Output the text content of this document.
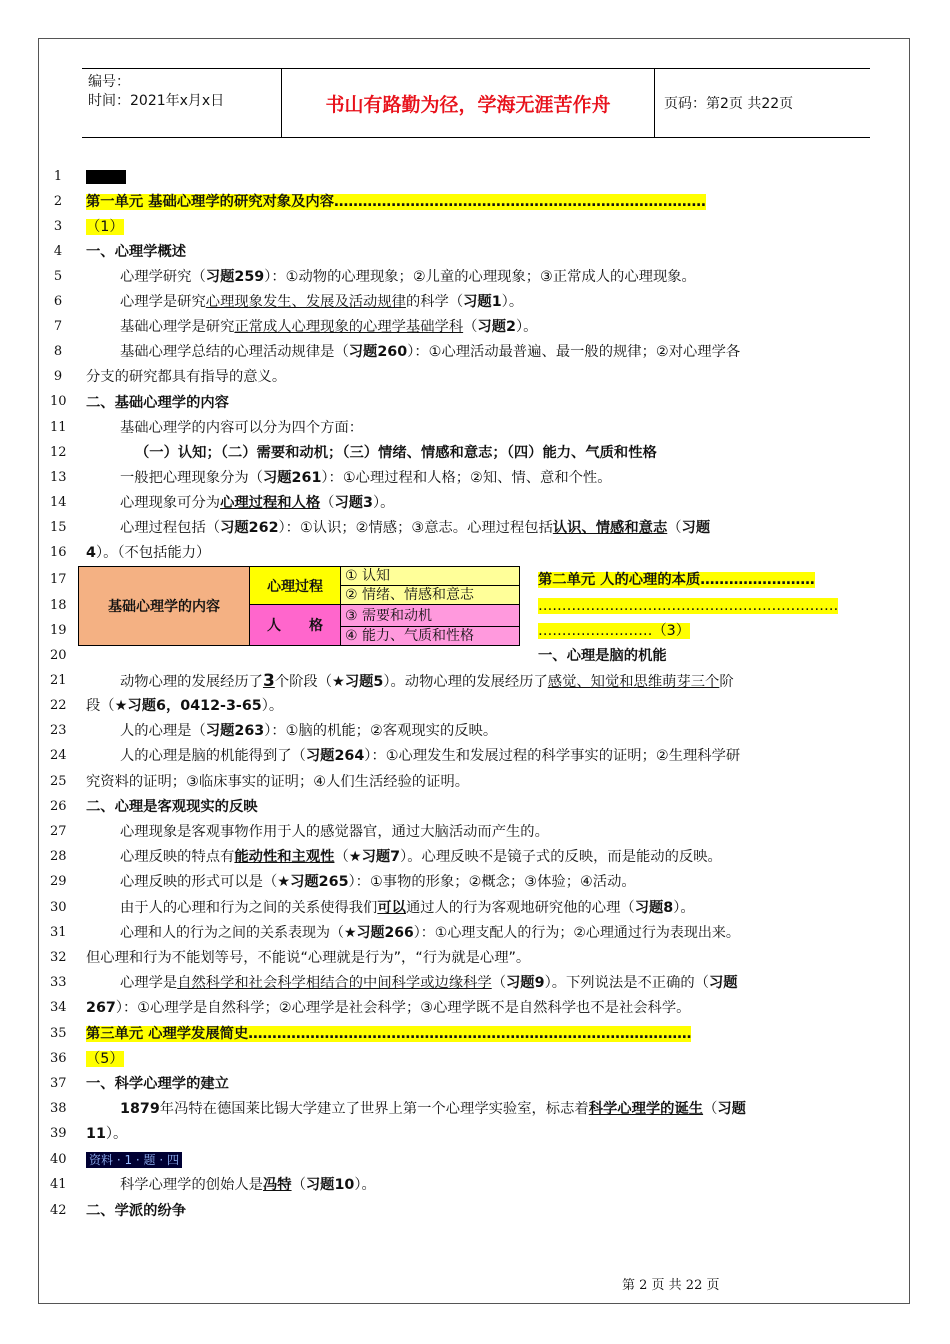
编号：
时间：2021年x月x日	书山有路勤为径，学海无涯苦作舟	页码：第2页 共22页
1
2
3
4
5
6
7
8
9
10
11
12
13
14
15
16
17
18
19
20
21
22
23
24
25
26
27
28
29
30
31
32
33
34
35
36
37
38
39
40
41
42
第一单元 基础心理学的研究对象及内容……………………………………………………………………
（1）
一、心理学概述
心理学研究（习题259）：①动物的心理现象；②儿童的心理现象；③正常成人的心理现象。
心理学是研究心理现象发生、发展及活动规律的科学（习题1）。
基础心理学是研究正常成人心理现象的心理学基础学科（习题2）。
基础心理学总结的心理活动规律是（习题260）：①心理活动最普遍、最一般的规律；②对心理学各
分支的研究都具有指导的意义。
二、基础心理学的内容
基础心理学的内容可以分为四个方面：
（一）认知；（二）需要和动机；（三）情绪、情感和意志；（四）能力、气质和性格
一般把心理现象分为（习题261）：①心理过程和人格；②知、情、意和个性。
心理现象可分为心理过程和人格（习题3）。
心理过程包括（习题262）：①认识；②情感；③意志。心理过程包括认识、情感和意志（习题
4）。（不包括能力）
基础心理学的内容	心理过程	① 认知
		② 情绪、情感和意志
	人　　格	③ 需要和动机
		④ 能力、气质和性格
第二单元 人的心理的本质……………………
………………………………………………………
……………………（3）
一、心理是脑的机能
动物心理的发展经历了3个阶段（★习题5）。动物心理的发展经历了感觉、知觉和思维萌芽三个阶
段（★习题6，0412-3-65）。
人的心理是（习题263）：①脑的机能；②客观现实的反映。
人的心理是脑的机能得到了（习题264）：①心理发生和发展过程的科学事实的证明；②生理科学研
究资料的证明；③临床事实的证明；④人们生活经验的证明。
二、心理是客观现实的反映
心理现象是客观事物作用于人的感觉器官，通过大脑活动而产生的。
心理反映的特点有能动性和主观性（★习题7）。心理反映不是镜子式的反映，而是能动的反映。
心理反映的形式可以是（★习题265）：①事物的形象；②概念；③体验；④活动。
由于人的心理和行为之间的关系使得我们可以通过人的行为客观地研究他的心理（习题8）。
心理和人的行为之间的关系表现为（★习题266）：①心理支配人的行为；②心理通过行为表现出来。
但心理和行为不能划等号，不能说“心理就是行为”，“行为就是心理”。
心理学是自然科学和社会科学相结合的中间科学或边缘科学（习题9）。下列说法是不正确的（习题
267）：①心理学是自然科学；②心理学是社会科学；③心理学既不是自然科学也不是社会科学。
第三单元 心理学发展简史…………………………………………………………………………………
（5）
一、科学心理学的建立
1879年冯特在德国莱比锡大学建立了世界上第一个心理学实验室，标志着科学心理学的诞生（习题
11）。
资料 · 1 · 题 · 四
科学心理学的创始人是冯特（习题10）。
二、学派的纷争
第 2 页 共 22 页
